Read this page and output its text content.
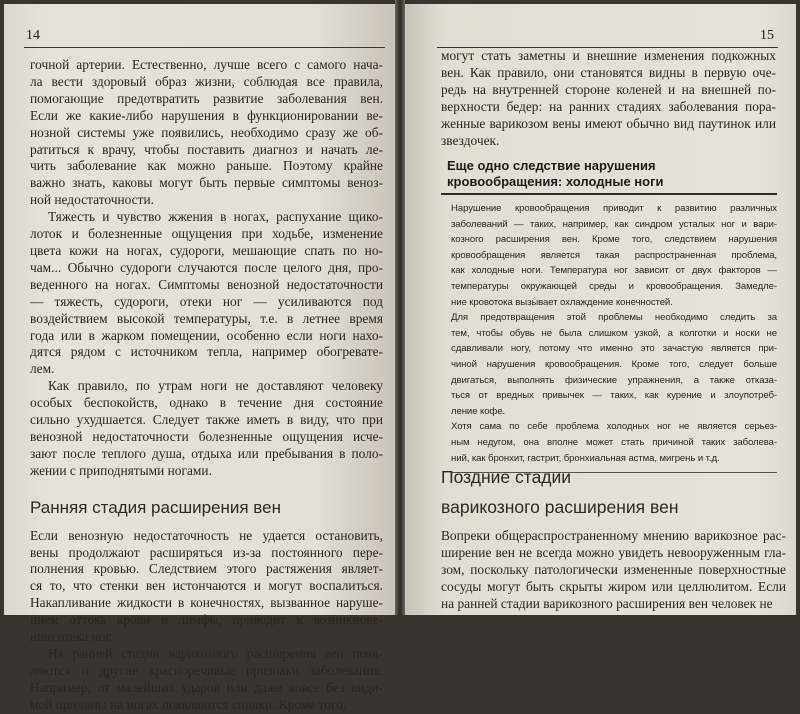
14

гочной артерии. Естественно, лучше всего с самого нача-
ла вести здоровый образ жизни, соблюдая все правила,
помогающие предотвратить развитие заболевания вен.
Если же какие-либо нарушения в функционировании ве-
нозной системы уже появились, необходимо сразу же об-
ратиться к врачу, чтобы поставить диагноз и начать ле-
чить заболевание как можно раньше. Поэтому крайне
важно знать, каковы могут быть первые симптомы веноз-
ной недостаточности.

Тяжесть и чувство жжения в ногах, распухание щико-
лоток и болезненные ощущения при ходьбе, изменение
цвета кожи на ногах, судороги, мешающие спать по но-
чам... Обычно судороги случаются после целого дня, про-
веденного на ногах. Симптомы венозной недостаточности
— тяжесть, судороги, отеки ног — усиливаются под
воздействием высокой температуры, т.е. в летнее время
года или в жарком помещении, особенно если ноги нахо-
дятся рядом с источником тепла, например обогревате-
лем.

Как правило, по утрам ноги не доставляют человеку
особых беспокойств, однако в течение дня состояние
сильно ухудшается. Следует также иметь в виду, что при
венозной недостаточности болезненные ощущения исче-
зают после теплого душа, отдыха или пребывания в поло-
жении с приподнятыми ногами.

Ранняя стадия расширения вен

Если венозную недостаточность не удается остановить,
вены продолжают расширяться из-за постоянного пере-
полнения кровью. Следствием этого растяжения являет-
ся то, что стенки вен истончаются и могут воспалиться.
Накапливание жидкости в конечностях, вызванное наруше-
нием оттока крови и лимфы, приводит к возникнове-
нию отека ног.

На ранней стадии варикозного расширения вен появ-
ляются и другие красноречивые признаки заболевания.
Например, от малейших ударов или даже вовсе без види-
мой причины на ногах появляются синяки. Кроме того,

15

могут стать заметны и внешние изменения подкожных
вен. Как правило, они становятся видны в первую оче-
редь на внутренней стороне коленей и на внешней по-
верхности бедер: на ранних стадиях заболевания пора-
женные варикозом вены имеют обычно вид паутинок или
звездочек.

Еще одно следствие нарушения
кровообращения: холодные ноги

Нарушение кровообращения приводит к развитию различных
заболеваний — таких, например, как синдром усталых ног и вари-
козного расширения вен. Кроме того, следствием нарушения
кровообращения является такая распространенная проблема,
как холодные ноги. Температура ног зависит от двух факторов —
температуры окружающей среды и кровообращения. Замедле-
ние кровотока вызывает охлаждение конечностей.

Для предотвращения этой проблемы необходимо следить за
тем, чтобы обувь не была слишком узкой, а колготки и носки не
сдавливали ногу, потому что именно это зачастую является при-
чиной нарушения кровообращения. Кроме того, следует больше
двигаться, выполнять физические упражнения, а также отказа-
ться от вредных привычек — таких, как курение и злоупотреб-
ление кофе.

Хотя сама по себе проблема холодных ног не является серьез-
ным недугом, она вполне может стать причиной таких заболева-
ний, как бронхит, гастрит, бронхиальная астма, мигрень и т.д.

Поздние стадии
варикозного расширения вен

Вопреки общераспространенному мнению варикозное рас-
ширение вен не всегда можно увидеть невооруженным гла-
зом, поскольку патологически измененные поверхностные
сосуды могут быть скрыты жиром или целлюлитом. Если
на ранней стадии варикозного расширения вен человек не
